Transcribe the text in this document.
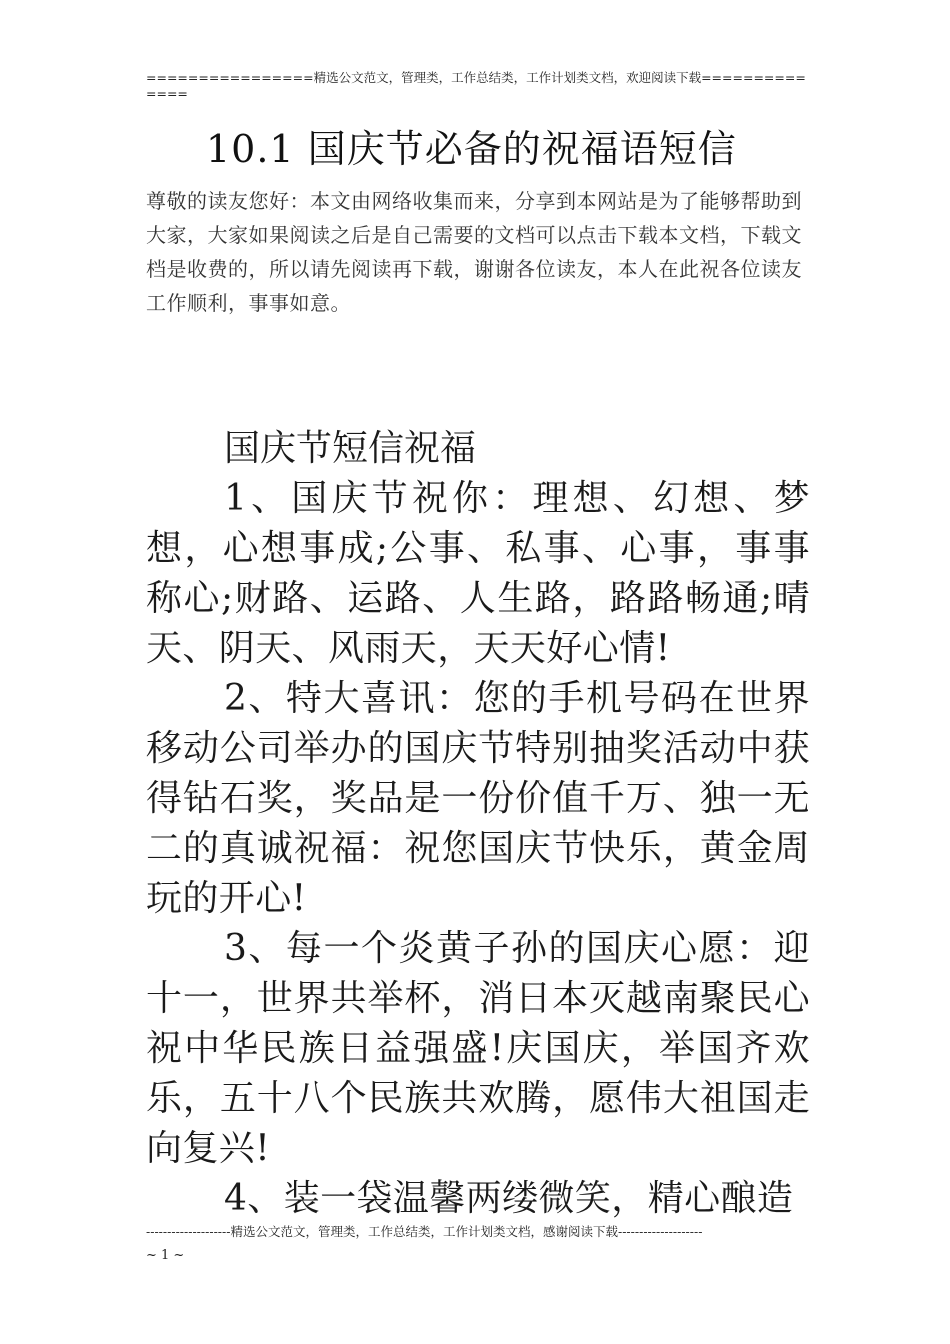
================精选公文范文，管理类，工作总结类，工作计划类文档，欢迎阅读下载==============
10.1 国庆节必备的祝福语短信
尊敬的读友您好：本文由网络收集而来，分享到本网站是为了能够帮助到大家，大家如果阅读之后是自己需要的文档可以点击下载本文档，下载文档是收费的，所以请先阅读再下载，谢谢各位读友，本人在此祝各位读友工作顺利，事事如意。
国庆节短信祝福

1、国庆节祝你：理想、幻想、梦想，心想事成;公事、私事、心事，事事称心;财路、运路、人生路，路路畅通;晴天、阴天、风雨天，天天好心情!

2、特大喜讯：您的手机号码在世界移动公司举办的国庆节特别抽奖活动中获得钻石奖，奖品是一份价值千万、独一无二的真诚祝福：祝您国庆节快乐，黄金周玩的开心!

3、每一个炎黄子孙的国庆心愿：迎十一，世界共举杯，消日本灭越南聚民心祝中华民族日益强盛!庆国庆，举国齐欢乐，五十八个民族共欢腾，愿伟大祖国走向复兴!

4、装一袋温馨两缕微笑，精心酿造

--------------------精选公文范文，管理类，工作总结类，工作计划类文档，感谢阅读下载--------------------
~ 1 ~
